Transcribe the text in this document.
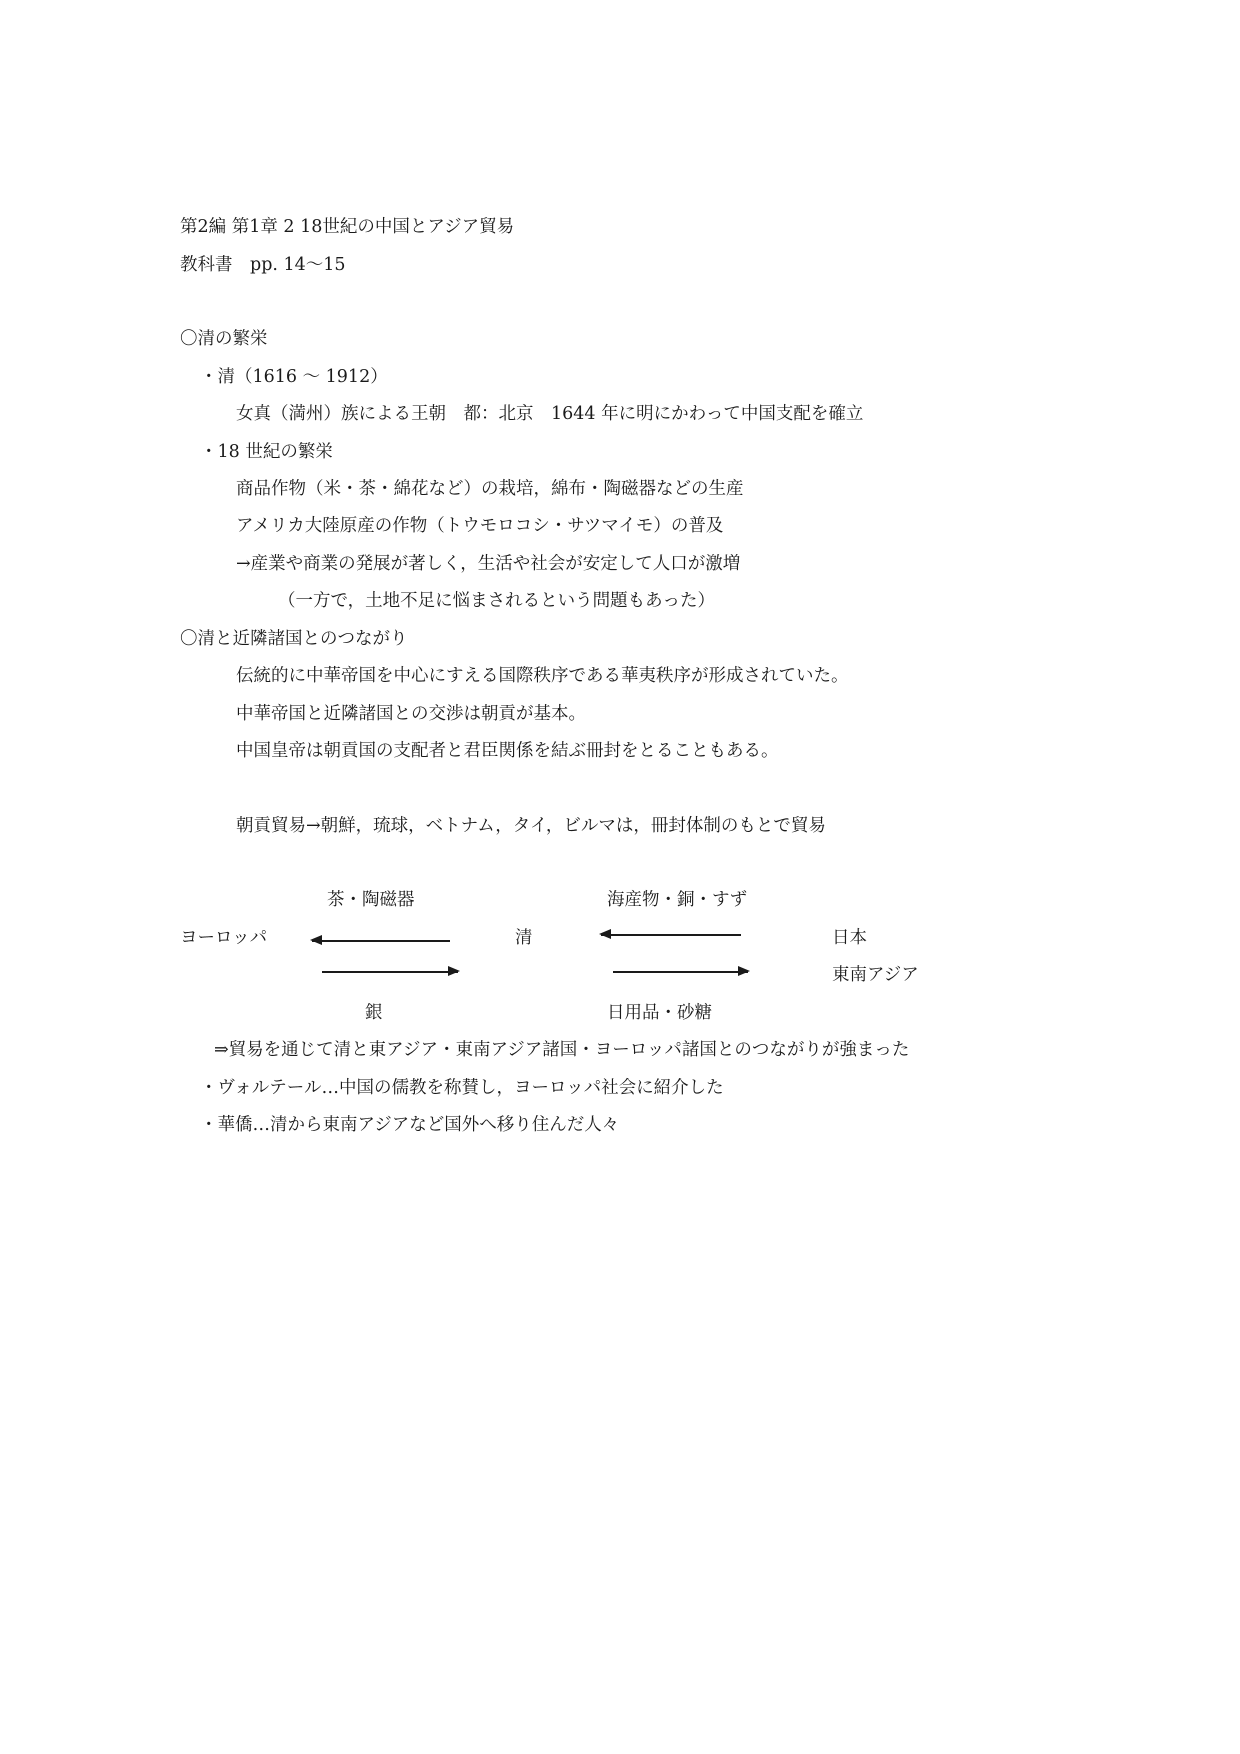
第2編 第1章 2 18世紀の中国とアジア貿易
教科書　pp. 14〜15
〇清の繁栄
・清（1616 〜 1912）
女真（満州）族による王朝　都：北京　1644 年に明にかわって中国支配を確立
・18 世紀の繁栄
商品作物（米・茶・綿花など）の栽培，綿布・陶磁器などの生産
アメリカ大陸原産の作物（トウモロコシ・サツマイモ）の普及
→産業や商業の発展が著しく，生活や社会が安定して人口が激増
（一方で，土地不足に悩まされるという問題もあった）
〇清と近隣諸国とのつながり
伝統的に中華帝国を中心にすえる国際秩序である華夷秩序が形成されていた。
中華帝国と近隣諸国との交渉は朝貢が基本。
中国皇帝は朝貢国の支配者と君臣関係を結ぶ冊封をとることもある。
朝貢貿易→朝鮮，琉球，ベトナム，タイ，ビルマは，冊封体制のもとで貿易
茶・陶磁器	海産物・銅・すず
ヨーロッパ	清	日本
東南アジア
銀	日用品・砂糖
⇒貿易を通じて清と東アジア・東南アジア諸国・ヨーロッパ諸国とのつながりが強まった
・ヴォルテール…中国の儒教を称賛し，ヨーロッパ社会に紹介した
・華僑…清から東南アジアなど国外へ移り住んだ人々
